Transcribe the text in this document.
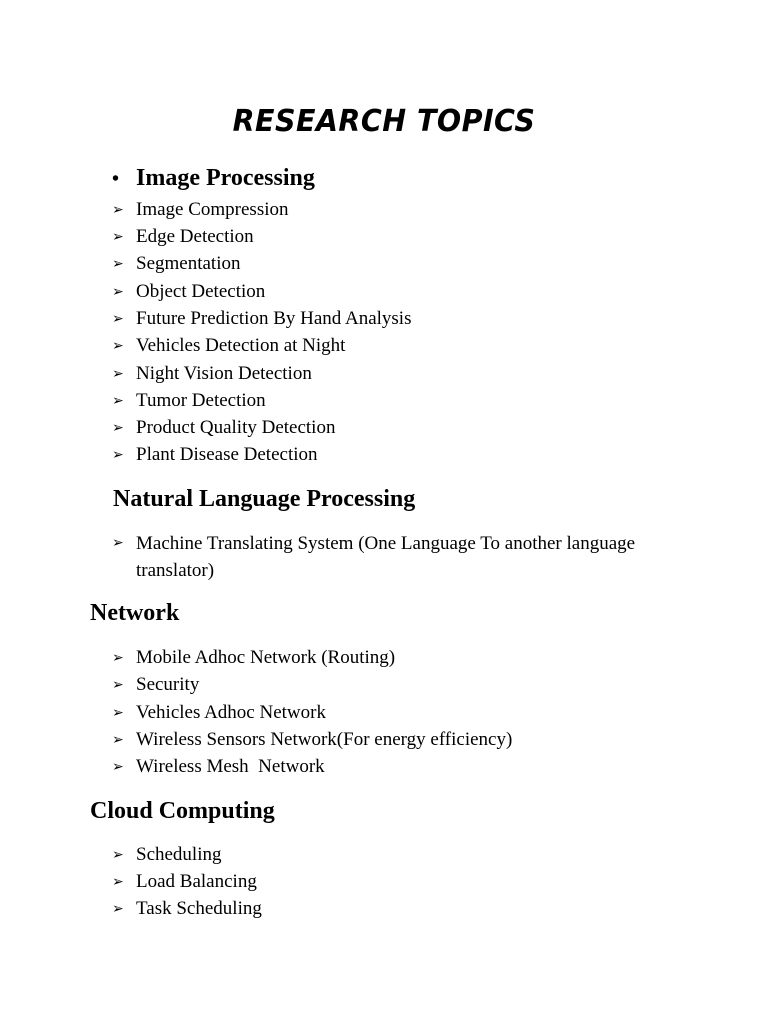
RESEARCH TOPICS
• Image Processing
➢ Image Compression
➢ Edge Detection
➢ Segmentation
➢ Object Detection
➢ Future Prediction By Hand Analysis
➢ Vehicles Detection at Night
➢ Night Vision Detection
➢ Tumor Detection
➢ Product Quality Detection
➢ Plant Disease Detection
Natural Language Processing
➢ Machine Translating System (One Language To another language translator)
Network
➢ Mobile Adhoc Network (Routing)
➢ Security
➢ Vehicles Adhoc Network
➢ Wireless Sensors Network(For energy efficiency)
➢ Wireless Mesh  Network
Cloud Computing
➢ Scheduling
➢ Load Balancing
➢ Task Scheduling
